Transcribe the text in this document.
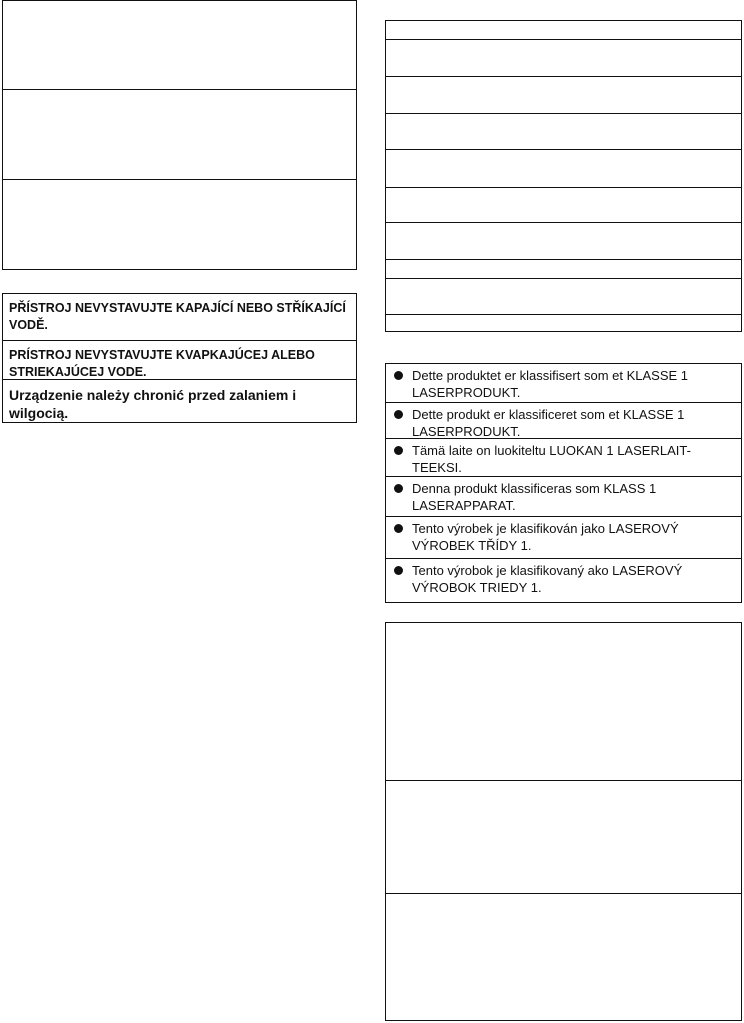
PŘÍSTROJ NEVYSTAVUJTE KAPAJÍCÍ NEBO STŘÍKAJÍCÍ VODĚ.
PRÍSTROJ NEVYSTAVUJTE KVAPKAJÚCEJ ALEBO STRIEKAJÚCEJ VODE.
Urządzenie należy chronić przed zalaniem i wilgocią.
Dette produktet er klassifisert som et KLASSE 1 LASERPRODUKT.
Dette produkt er klassificeret som et KLASSE 1 LASERPRODUKT.
Tämä laite on luokiteltu LUOKAN 1 LASERLAIT-TEEKSI.
Denna produkt klassificeras som KLASS 1 LASERAPPARAT.
Tento výrobek je klasifikován jako LASEROVÝ VÝROBEK TŘÍDY 1.
Tento výrobok je klasifikovaný ako LASEROVÝ VÝROBOK TRIEDY 1.
